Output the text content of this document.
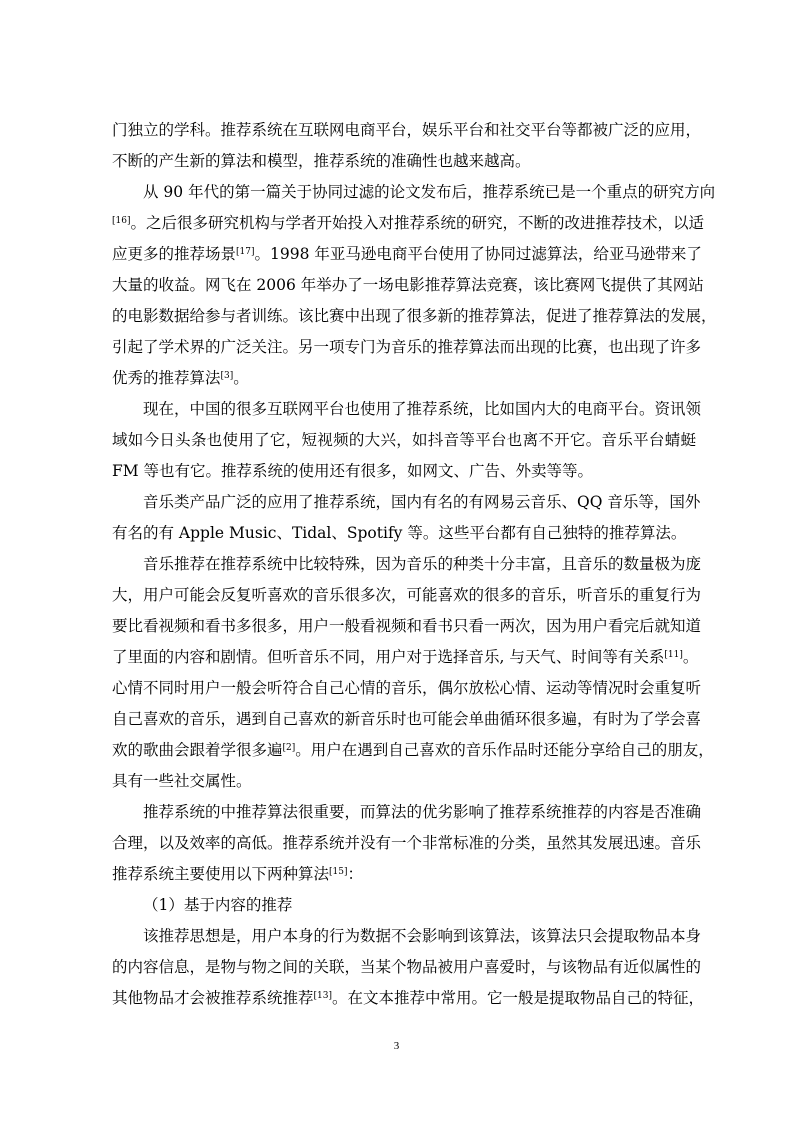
门独立的学科。推荐系统在互联网电商平台，娱乐平台和社交平台等都被广泛的应用，
不断的产生新的算法和模型，推荐系统的准确性也越来越高。
从 90 年代的第一篇关于协同过滤的论文发布后，推荐系统已是一个重点的研究方向
[16]。之后很多研究机构与学者开始投入对推荐系统的研究，不断的改进推荐技术，以适
应更多的推荐场景[17]。1998 年亚马逊电商平台使用了协同过滤算法，给亚马逊带来了
大量的收益。网飞在 2006 年举办了一场电影推荐算法竞赛，该比赛网飞提供了其网站
的电影数据给参与者训练。该比赛中出现了很多新的推荐算法，促进了推荐算法的发展，
引起了学术界的广泛关注。另一项专门为音乐的推荐算法而出现的比赛，也出现了许多
优秀的推荐算法[3]。
现在，中国的很多互联网平台也使用了推荐系统，比如国内大的电商平台。资讯领
域如今日头条也使用了它，短视频的大兴，如抖音等平台也离不开它。音乐平台蜻蜓
FM 等也有它。推荐系统的使用还有很多，如网文、广告、外卖等等。
音乐类产品广泛的应用了推荐系统，国内有名的有网易云音乐、QQ 音乐等，国外
有名的有 Apple Music、Tidal、Spotify 等。这些平台都有自己独特的推荐算法。
音乐推荐在推荐系统中比较特殊，因为音乐的种类十分丰富，且音乐的数量极为庞
大，用户可能会反复听喜欢的音乐很多次，可能喜欢的很多的音乐，听音乐的重复行为
要比看视频和看书多很多，用户一般看视频和看书只看一两次，因为用户看完后就知道
了里面的内容和剧情。但听音乐不同，用户对于选择音乐, 与天气、时间等有关系[11]。
心情不同时用户一般会听符合自己心情的音乐，偶尔放松心情、运动等情况时会重复听
自己喜欢的音乐，遇到自己喜欢的新音乐时也可能会单曲循环很多遍，有时为了学会喜
欢的歌曲会跟着学很多遍[2]。用户在遇到自己喜欢的音乐作品时还能分享给自己的朋友，
具有一些社交属性。
推荐系统的中推荐算法很重要，而算法的优劣影响了推荐系统推荐的内容是否准确
合理，以及效率的高低。推荐系统并没有一个非常标准的分类，虽然其发展迅速。音乐
推荐系统主要使用以下两种算法[15]：
（1）基于内容的推荐
该推荐思想是，用户本身的行为数据不会影响到该算法，该算法只会提取物品本身
的内容信息，是物与物之间的关联，当某个物品被用户喜爱时，与该物品有近似属性的
其他物品才会被推荐系统推荐[13]。在文本推荐中常用。它一般是提取物品自己的特征，
3
